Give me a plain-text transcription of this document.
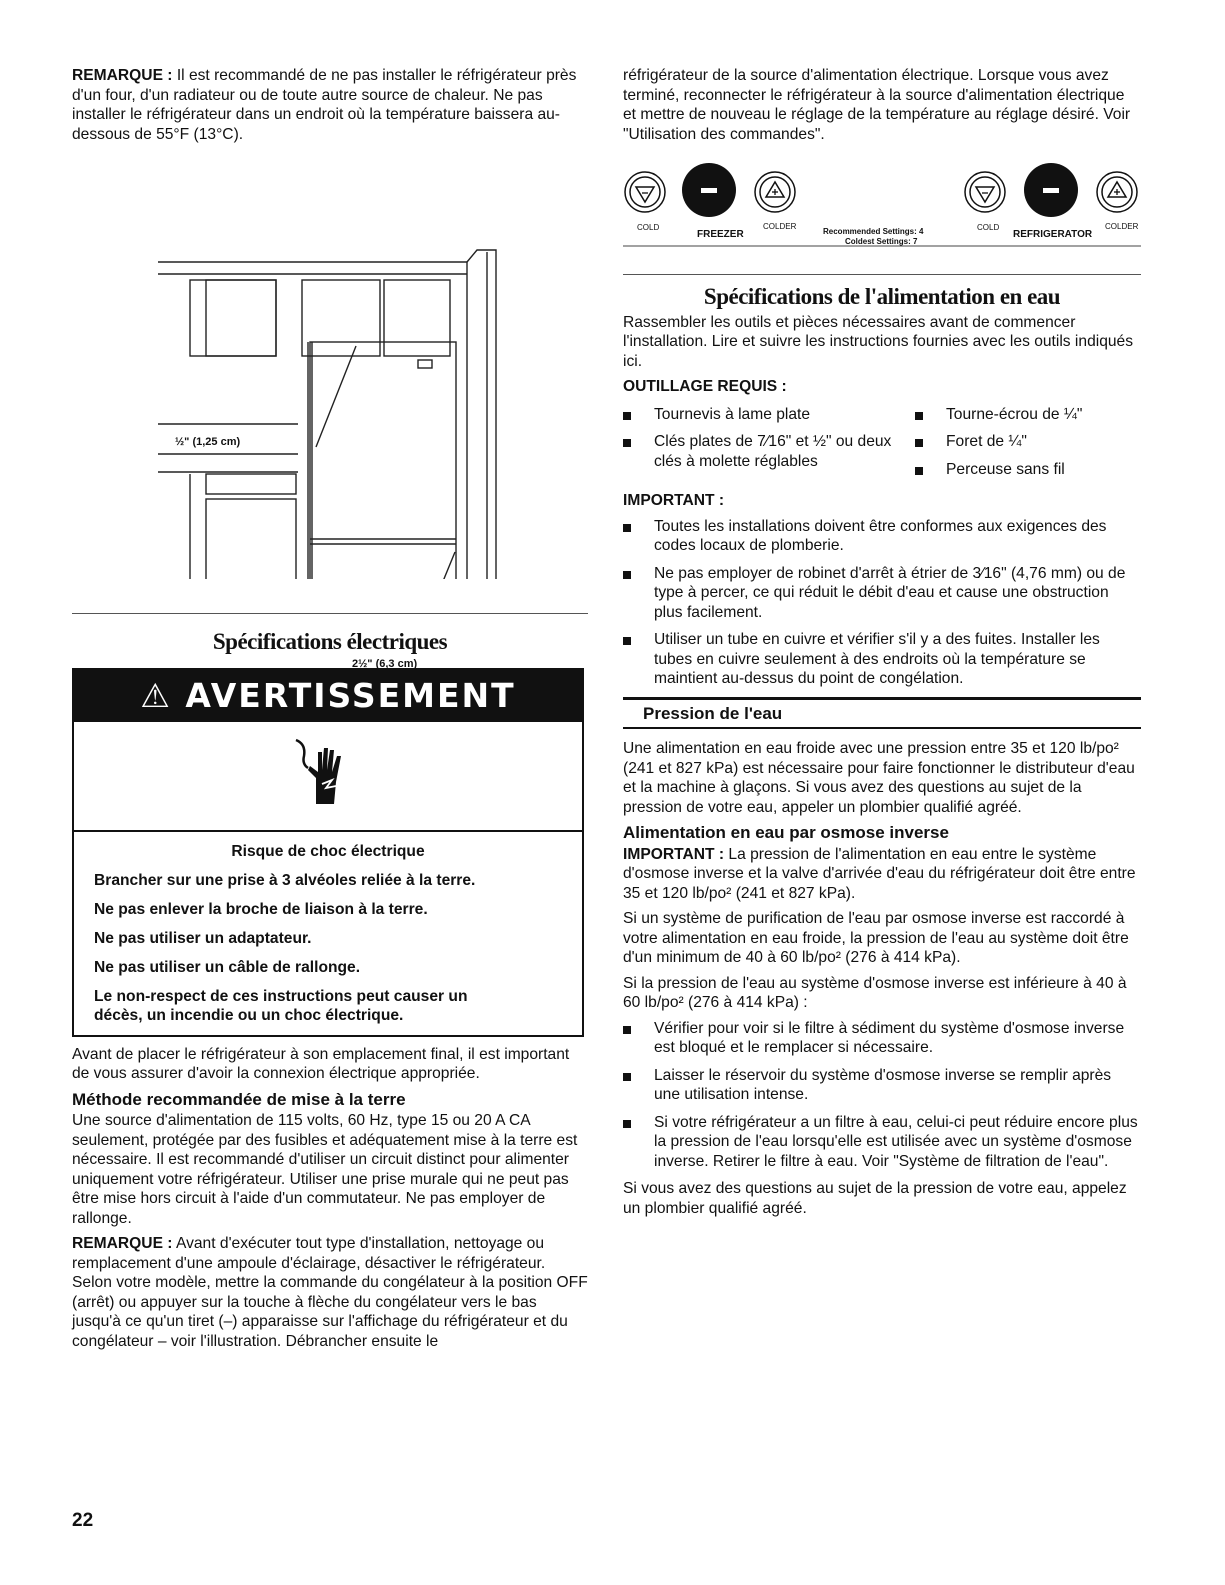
REMARQUE : Il est recommandé de ne pas installer le réfrigérateur près d'un four, d'un radiateur ou de toute autre source de chaleur. Ne pas installer le réfrigérateur dans un endroit où la température baissera au-dessous de 55°F (13°C).

½" (1,25 cm)
2½" (6,3 cm)
Spécifications électriques
⚠ AVERTISSEMENT
Risque de choc électrique
Brancher sur une prise à 3 alvéoles reliée à la terre.
Ne pas enlever la broche de liaison à la terre.
Ne pas utiliser un adaptateur.
Ne pas utiliser un câble de rallonge.
Le non-respect de ces instructions peut causer un décès, un incendie ou un choc électrique.

Avant de placer le réfrigérateur à son emplacement final, il est important de vous assurer d'avoir la connexion électrique appropriée.

Méthode recommandée de mise à la terre

Une source d'alimentation de 115 volts, 60 Hz, type 15 ou 20 A CA seulement, protégée par des fusibles et adéquatement mise à la terre est nécessaire. Il est recommandé d'utiliser un circuit distinct pour alimenter uniquement votre réfrigérateur. Utiliser une prise murale qui ne peut pas être mise hors circuit à l'aide d'un commutateur. Ne pas employer de rallonge.

REMARQUE : Avant d'exécuter tout type d'installation, nettoyage ou remplacement d'une ampoule d'éclairage, désactiver le réfrigérateur. Selon votre modèle, mettre la commande du congélateur à la position OFF (arrêt) ou appuyer sur la touche à flèche du congélateur vers le bas jusqu'à ce qu'un tiret (–) apparaisse sur l'affichage du réfrigérateur et du congélateur – voir l'illustration. Débrancher ensuite le

réfrigérateur de la source d'alimentation électrique. Lorsque vous avez terminé, reconnecter le réfrigérateur à la source d'alimentation électrique et mettre de nouveau le réglage de la température au réglage désiré. Voir "Utilisation des commandes".

COLD
FREEZER
COLDER
Recommended Settings: 4
Coldest Settings: 7
COLD
REFRIGERATOR
COLDER
Spécifications de l'alimentation en eau

Rassembler les outils et pièces nécessaires avant de commencer l'installation. Lire et suivre les instructions fournies avec les outils indiqués ici.

OUTILLAGE REQUIS :
Tournevis à lame plate
Clés plates de 7⁄16" et ½" ou deux clés à molette réglables
Tourne-écrou de ¼"
Foret de ¼"
Perceuse sans fil
IMPORTANT :
Toutes les installations doivent être conformes aux exigences des codes locaux de plomberie.
Ne pas employer de robinet d'arrêt à étrier de 3⁄16" (4,76 mm) ou de type à percer, ce qui réduit le débit d'eau et cause une obstruction plus facilement.
Utiliser un tube en cuivre et vérifier s'il y a des fuites. Installer les tubes en cuivre seulement à des endroits où la température se maintient au-dessus du point de congélation.
Pression de l'eau

Une alimentation en eau froide avec une pression entre 35 et 120 lb/po² (241 et 827 kPa) est nécessaire pour faire fonctionner le distributeur d'eau et la machine à glaçons. Si vous avez des questions au sujet de la pression de votre eau, appeler un plombier qualifié agréé.

Alimentation en eau par osmose inverse

IMPORTANT : La pression de l'alimentation en eau entre le système d'osmose inverse et la valve d'arrivée d'eau du réfrigérateur doit être entre 35 et 120 lb/po² (241 et 827 kPa).

Si un système de purification de l'eau par osmose inverse est raccordé à votre alimentation en eau froide, la pression de l'eau au système doit être d'un minimum de 40 à 60 lb/po² (276 à 414 kPa).

Si la pression de l'eau au système d'osmose inverse est inférieure à 40 à 60 lb/po² (276 à 414 kPa) :

Vérifier pour voir si le filtre à sédiment du système d'osmose inverse est bloqué et le remplacer si nécessaire.
Laisser le réservoir du système d'osmose inverse se remplir après une utilisation intense.
Si votre réfrigérateur a un filtre à eau, celui-ci peut réduire encore plus la pression de l'eau lorsqu'elle est utilisée avec un système d'osmose inverse. Retirer le filtre à eau. Voir "Système de filtration de l'eau".

Si vous avez des questions au sujet de la pression de votre eau, appelez un plombier qualifié agréé.

22
